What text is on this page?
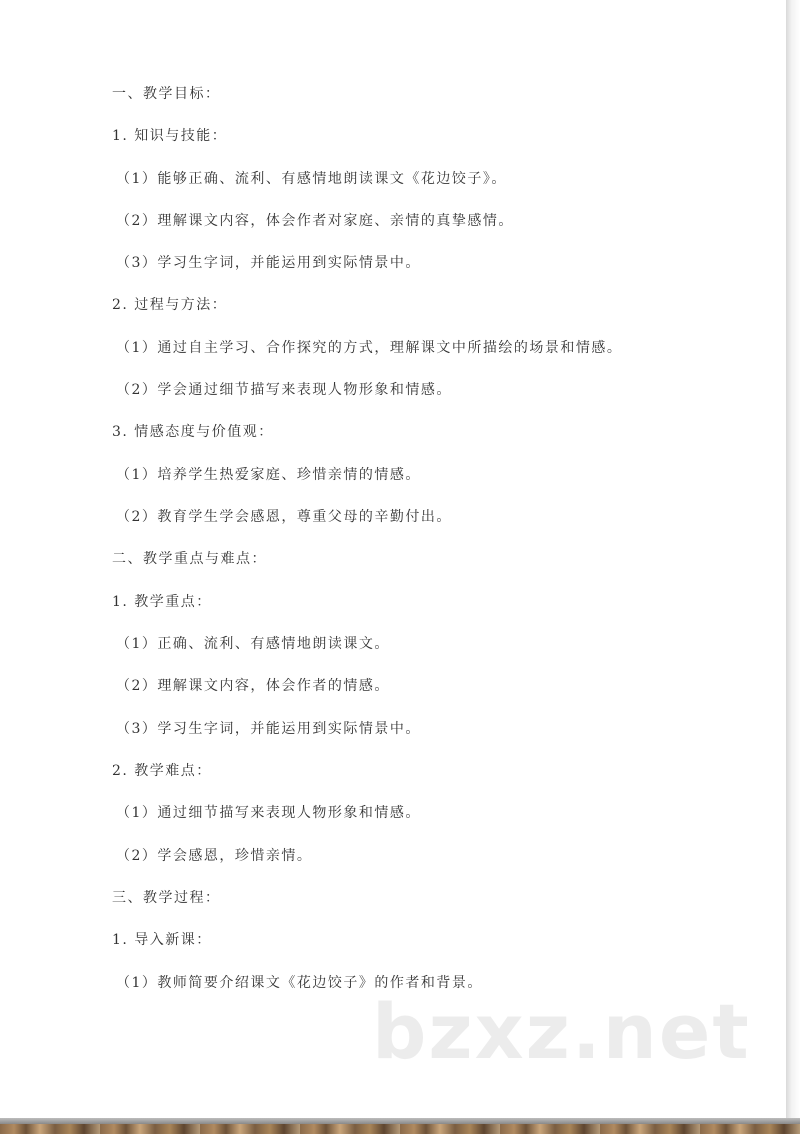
一、教学目标：
1. 知识与技能：
（1）能够正确、流利、有感情地朗读课文《花边饺子》。
（2）理解课文内容，体会作者对家庭、亲情的真挚感情。
（3）学习生字词，并能运用到实际情景中。
2. 过程与方法：
（1）通过自主学习、合作探究的方式，理解课文中所描绘的场景和情感。
（2）学会通过细节描写来表现人物形象和情感。
3. 情感态度与价值观：
（1）培养学生热爱家庭、珍惜亲情的情感。
（2）教育学生学会感恩，尊重父母的辛勤付出。
二、教学重点与难点：
1. 教学重点：
（1）正确、流利、有感情地朗读课文。
（2）理解课文内容，体会作者的情感。
（3）学习生字词，并能运用到实际情景中。
2. 教学难点：
（1）通过细节描写来表现人物形象和情感。
（2）学会感恩，珍惜亲情。
三、教学过程：
1. 导入新课：
（1）教师简要介绍课文《花边饺子》的作者和背景。
bzxz.net
